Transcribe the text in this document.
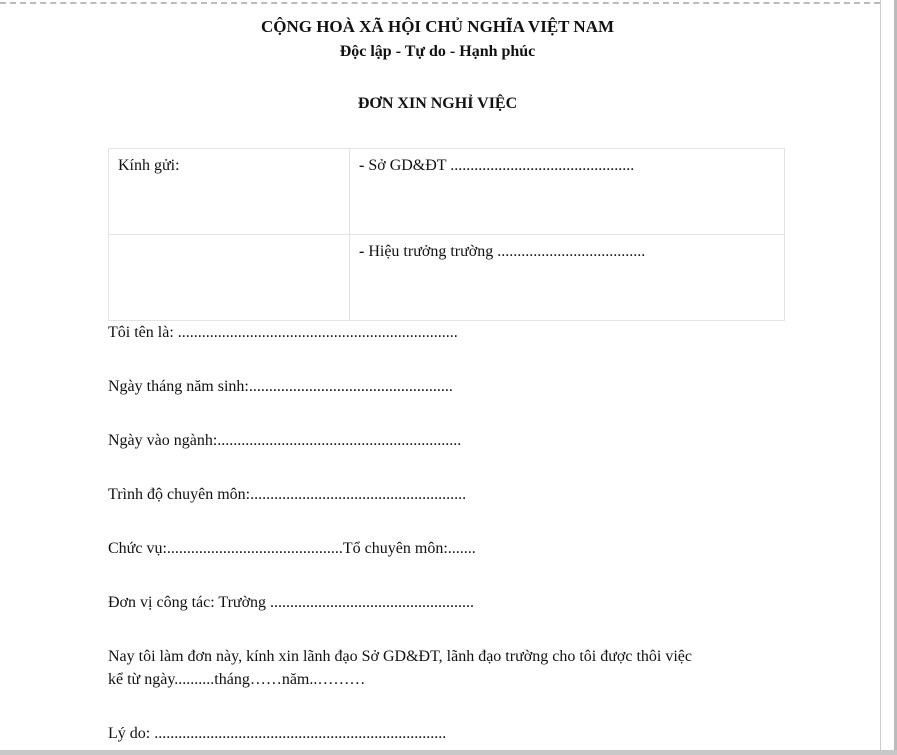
CỘNG HOÀ XÃ HỘI CHỦ NGHĨA VIỆT NAM
Độc lập - Tự do - Hạnh phúc
ĐƠN XIN NGHỈ VIỆC
Kính gửi:	- Sở GD&ĐT ..............................................
	- Hiệu trưởng trường .....................................
Tôi tên là: ......................................................................
Ngày tháng năm sinh:...................................................
Ngày vào ngành:.............................................................
Trình độ chuyên môn:......................................................
Chức vụ:............................................Tổ chuyên môn:.......
Đơn vị công tác: Trường ...................................................
Nay tôi làm đơn này, kính xin lãnh đạo Sở GD&ĐT, lãnh đạo trường cho tôi được thôi việc
kể từ ngày..........tháng……năm..………
Lý do: .........................................................................
